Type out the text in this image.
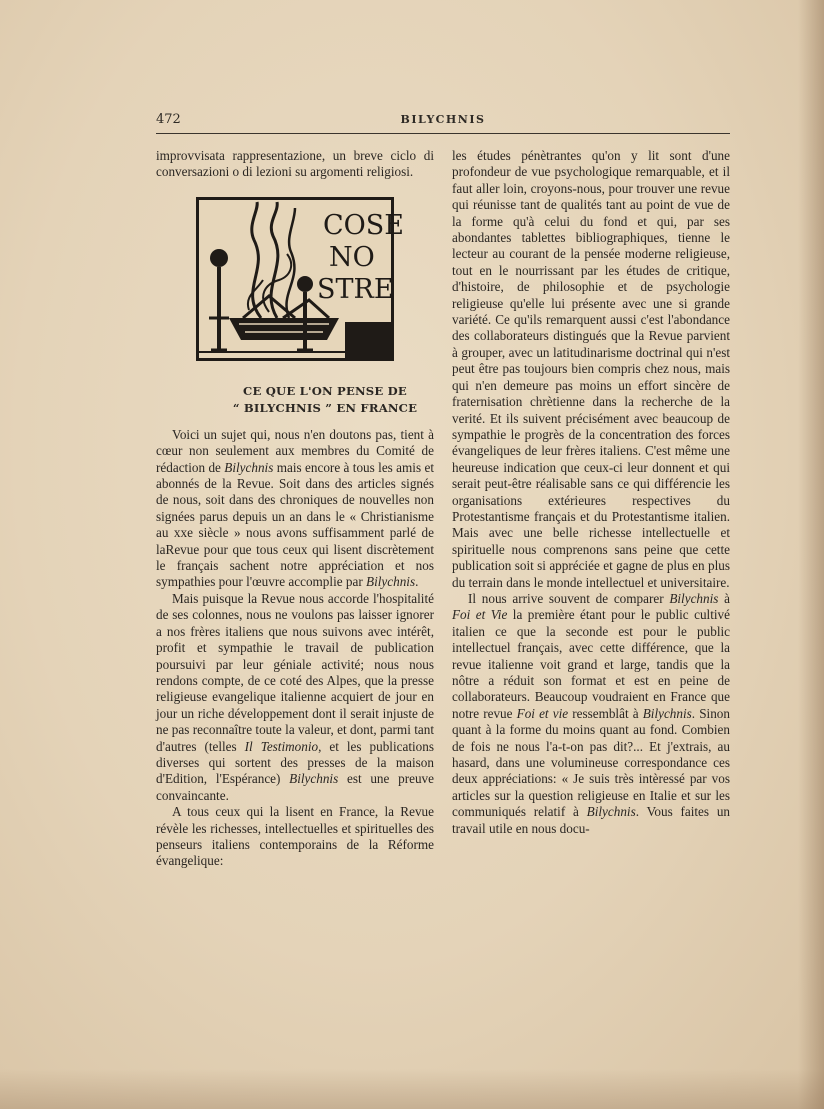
472	BILYCHNIS

improvvisata rappresentazione, un breve ciclo di conversazioni o di lezioni su argomenti religiosi.

COSE
NO
STRE
CE QUE L'ON PENSE DE
“ BILYCHNIS ” EN FRANCE

Voici un sujet qui, nous n'en doutons pas, tient à cœur non seulement aux membres du Comité de rédaction de Bilychnis mais encore à tous les amis et abonnés de la Revue. Soit dans des articles signés de nous, soit dans des chroniques de nouvelles non signées parus depuis un an dans le « Christianisme au xxe siècle » nous avons suffisamment parlé de laRevue pour que tous ceux qui lisent discrètement le français sachent notre appréciation et nos sympathies pour l'œuvre accomplie par Bilychnis.

Mais puisque la Revue nous accorde l'hospitalité de ses colonnes, nous ne voulons pas laisser ignorer a nos frères italiens que nous suivons avec intérêt, profit et sympathie le travail de publication poursuivi par leur géniale activité; nous nous rendons compte, de ce coté des Alpes, que la presse religieuse evangelique italienne acquiert de jour en jour un riche développement dont il serait injuste de ne pas reconnaître toute la valeur, et dont, parmi tant d'autres (telles Il Testimonio, et les publications diverses qui sortent des presses de la maison d'Edition, l'Espérance) Bilychnis est une preuve convaincante.

A tous ceux qui la lisent en France, la Revue révèle les richesses, intellectuelles et spirituelles des penseurs italiens contemporains de la Réforme évangelique:

les études pénètrantes qu'on y lit sont d'une profondeur de vue psychologique remarquable, et il faut aller loin, croyons-nous, pour trouver une revue qui réunisse tant de qualités tant au point de vue de la forme qu'à celui du fond et qui, par ses abondantes tablettes bibliographiques, tienne le lecteur au courant de la pensée moderne religieuse, tout en le nourrissant par les études de critique, d'histoire, de philosophie et de psychologie religieuse qu'elle lui présente avec une si grande variété. Ce qu'ils remarquent aussi c'est l'abondance des collaborateurs distingués que la Revue parvient à grouper, avec un latitudinarisme doctrinal qui n'est peut être pas toujours bien compris chez nous, mais qui n'en demeure pas moins un effort sincère de fraternisation chrètienne dans la recherche de la verité. Et ils suivent précisément avec beaucoup de sympathie le progrès de la concentration des forces évangeliques de leur frères italiens. C'est même une heureuse indication que ceux-ci leur donnent et qui serait peut-être réalisable sans ce qui différencie les organisations extérieures respectives du Protestantisme français et du Protestantisme italien. Mais avec une belle richesse intellectuelle et spirituelle nous comprenons sans peine que cette publication soit si appréciée et gagne de plus en plus du terrain dans le monde intellectuel et universitaire.

Il nous arrive souvent de comparer Bilychnis à Foi et Vie la première étant pour le public cultivé italien ce que la seconde est pour le public intellectuel français, avec cette différence, que la revue italienne voit grand et large, tandis que la nôtre a réduit son format et est en peine de collaborateurs. Beaucoup voudraient en France que notre revue Foi et vie ressemblât à Bilychnis. Sinon quant à la forme du moins quant au fond. Combien de fois ne nous l'a-t-on pas dit?... Et j'extrais, au hasard, dans une volumineuse correspondance ces deux appréciations: « Je suis très intèressé par vos articles sur la question religieuse en Italie et sur les communiqués relatif à Bilychnis. Vous faites un travail utile en nous docu-
